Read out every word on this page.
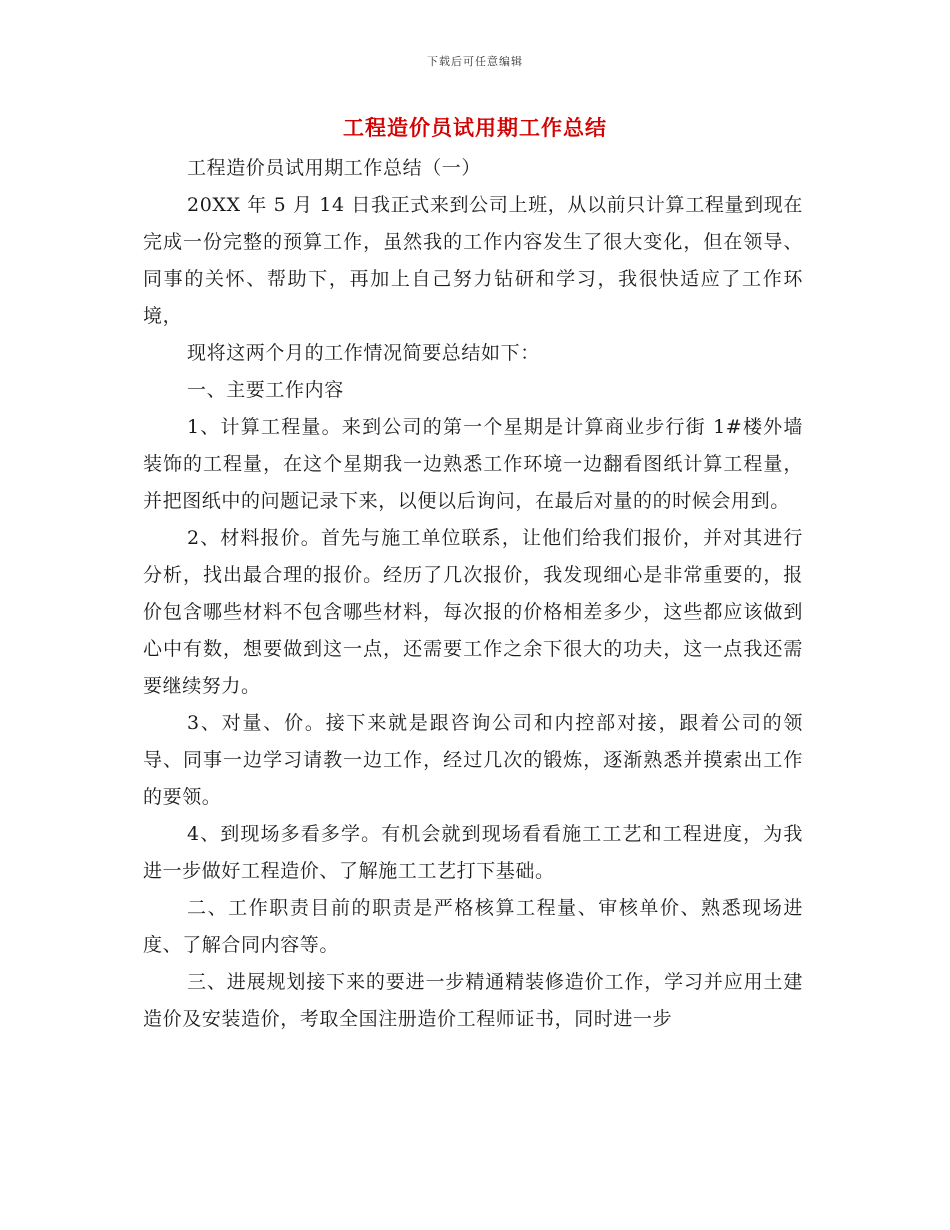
下载后可任意编辑
工程造价员试用期工作总结

工程造价员试用期工作总结（一）

20XX 年 5 月 14 日我正式来到公司上班，从以前只计算工程量到现在完成一份完整的预算工作，虽然我的工作内容发生了很大变化，但在领导、同事的关怀、帮助下，再加上自己努力钻研和学习，我很快适应了工作环境，

现将这两个月的工作情况简要总结如下：

一、主要工作内容

1、计算工程量。来到公司的第一个星期是计算商业步行街 1#楼外墙装饰的工程量，在这个星期我一边熟悉工作环境一边翻看图纸计算工程量，并把图纸中的问题记录下来，以便以后询问，在最后对量的的时候会用到。

2、材料报价。首先与施工单位联系，让他们给我们报价，并对其进行分析，找出最合理的报价。经历了几次报价，我发现细心是非常重要的，报价包含哪些材料不包含哪些材料，每次报的价格相差多少，这些都应该做到心中有数，想要做到这一点，还需要工作之余下很大的功夫，这一点我还需要继续努力。

3、对量、价。接下来就是跟咨询公司和内控部对接，跟着公司的领导、同事一边学习请教一边工作，经过几次的锻炼，逐渐熟悉并摸索出工作的要领。

4、到现场多看多学。有机会就到现场看看施工工艺和工程进度，为我进一步做好工程造价、了解施工工艺打下基础。

二、工作职责目前的职责是严格核算工程量、审核单价、熟悉现场进度、了解合同内容等。

三、进展规划接下来的要进一步精通精装修造价工作，学习并应用土建造价及安装造价，考取全国注册造价工程师证书，同时进一步
